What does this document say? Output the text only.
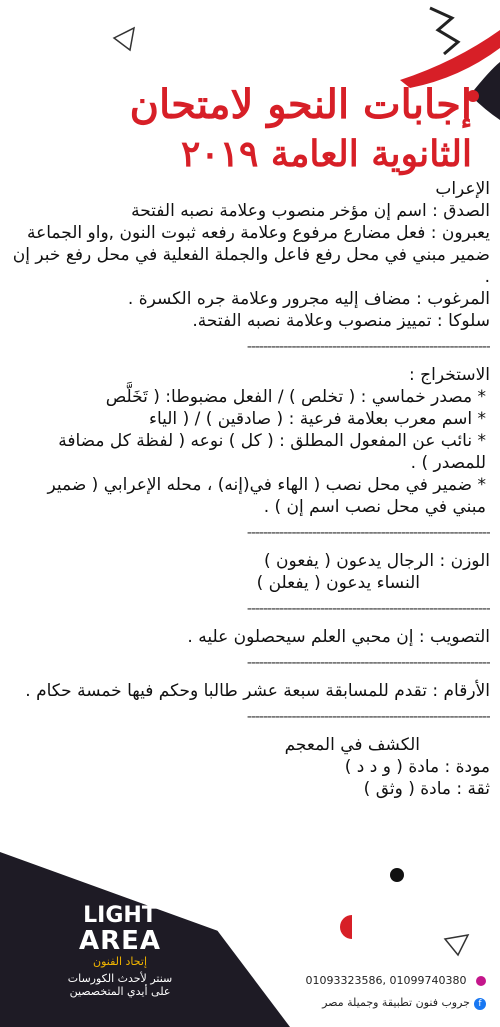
إجابات النحو لامتحان
الثانوية العامة ٢٠١٩

الإعراب

الصدق : اسم إن مؤخر منصوب وعلامة نصبه الفتحة

يعبرون : فعل مضارع مرفوع وعلامة رفعه ثبوت النون ,واو الجماعة ضمير مبني في محل رفع فاعل والجملة الفعلية في محل رفع خبر إن .

المرغوب : مضاف إليه مجرور وعلامة جره الكسرة .

سلوكا : تمييز منصوب وعلامة نصبه الفتحة.

------------------------------------------------------------

الاستخراج :

* مصدر خماسي : ( تخلص ) / الفعل مضبوطا: ( تَخَلَّص

* اسم معرب بعلامة فرعية : ( صادقين ) / ( الياء

* نائب عن المفعول المطلق : ( كل ) نوعه ( لفظة كل مضافة للمصدر ) .

* ضمير في محل نصب ( الهاء في(إنه) ، محله الإعرابي ( ضمير مبني في محل نصب اسم إن ) .

------------------------------------------------------------

الوزن : الرجال يدعون ( يفعون )

النساء يدعون ( يفعلن )

------------------------------------------------------------

التصويب : إن محبي العلم سيحصلون عليه .

------------------------------------------------------------

الأرقام : تقدم للمسابقة سبعة عشر طالبا وحكم فيها خمسة حكام .

------------------------------------------------------------

الكشف في المعجم

مودة : مادة ( و د د )

ثقة : مادة ( وثق )

LIGHT
AREA
إتحاد الفنون
سنتر لأحدث الكورسات
على أيدي المتخصصين
01093323586, 01099740380
fجروب فنون تطبيقة وجميلة مصر
